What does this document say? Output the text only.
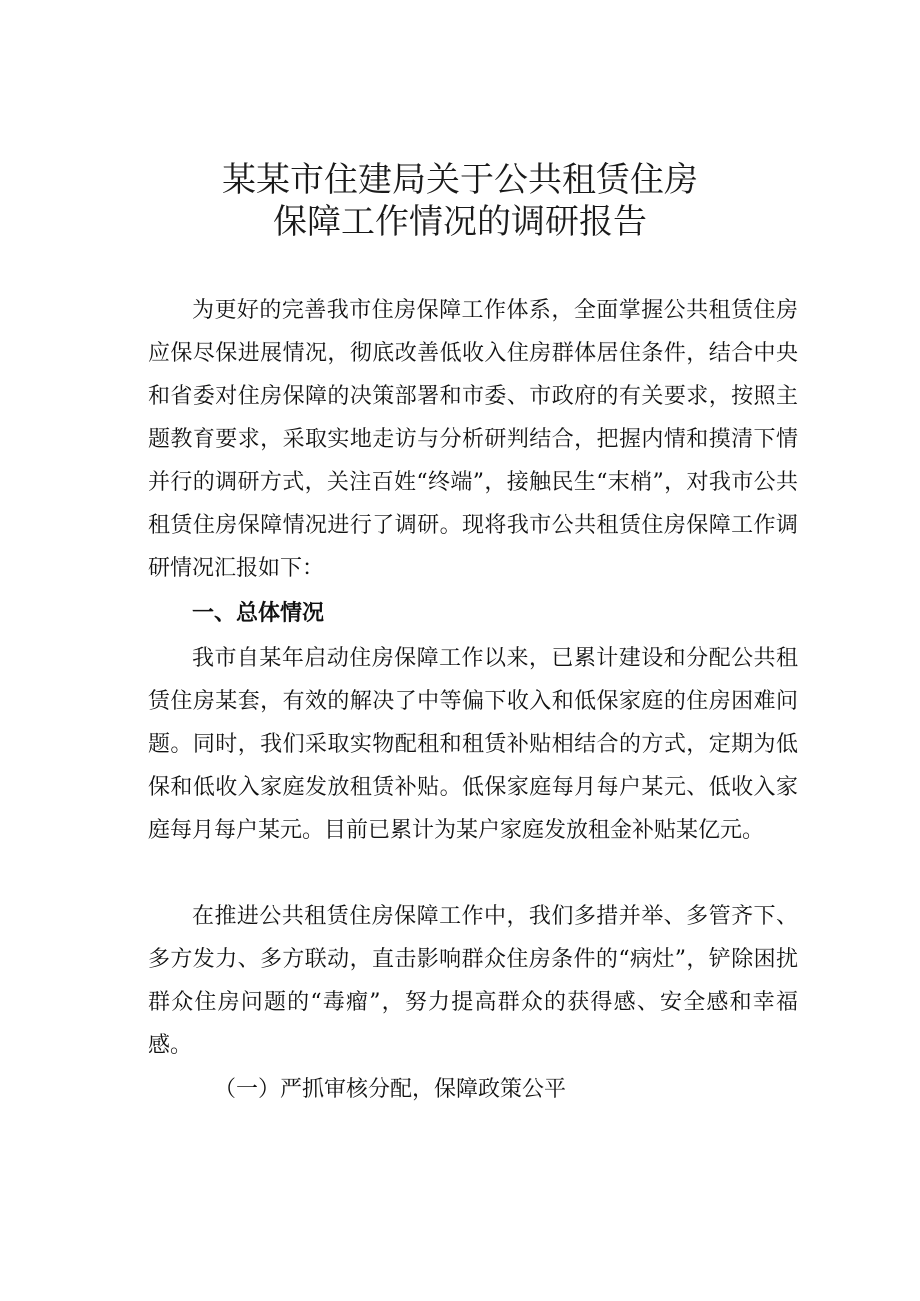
某某市住建局关于公共租赁住房
保障工作情况的调研报告
为更好的完善我市住房保障工作体系，全面掌握公共租赁住房应保尽保进展情况，彻底改善低收入住房群体居住条件，结合中央和省委对住房保障的决策部署和市委、市政府的有关要求，按照主题教育要求，采取实地走访与分析研判结合，把握内情和摸清下情并行的调研方式，关注百姓“终端”，接触民生“末梢”，对我市公共租赁住房保障情况进行了调研。现将我市公共租赁住房保障工作调研情况汇报如下：
一、总体情况
我市自某年启动住房保障工作以来，已累计建设和分配公共租赁住房某套，有效的解决了中等偏下收入和低保家庭的住房困难问题。同时，我们采取实物配租和租赁补贴相结合的方式，定期为低保和低收入家庭发放租赁补贴。低保家庭每月每户某元、低收入家庭每月每户某元。目前已累计为某户家庭发放租金补贴某亿元。
在推进公共租赁住房保障工作中，我们多措并举、多管齐下、多方发力、多方联动，直击影响群众住房条件的“病灶”，铲除困扰群众住房问题的“毒瘤”，努力提高群众的获得感、安全感和幸福感。
（一）严抓审核分配，保障政策公平
